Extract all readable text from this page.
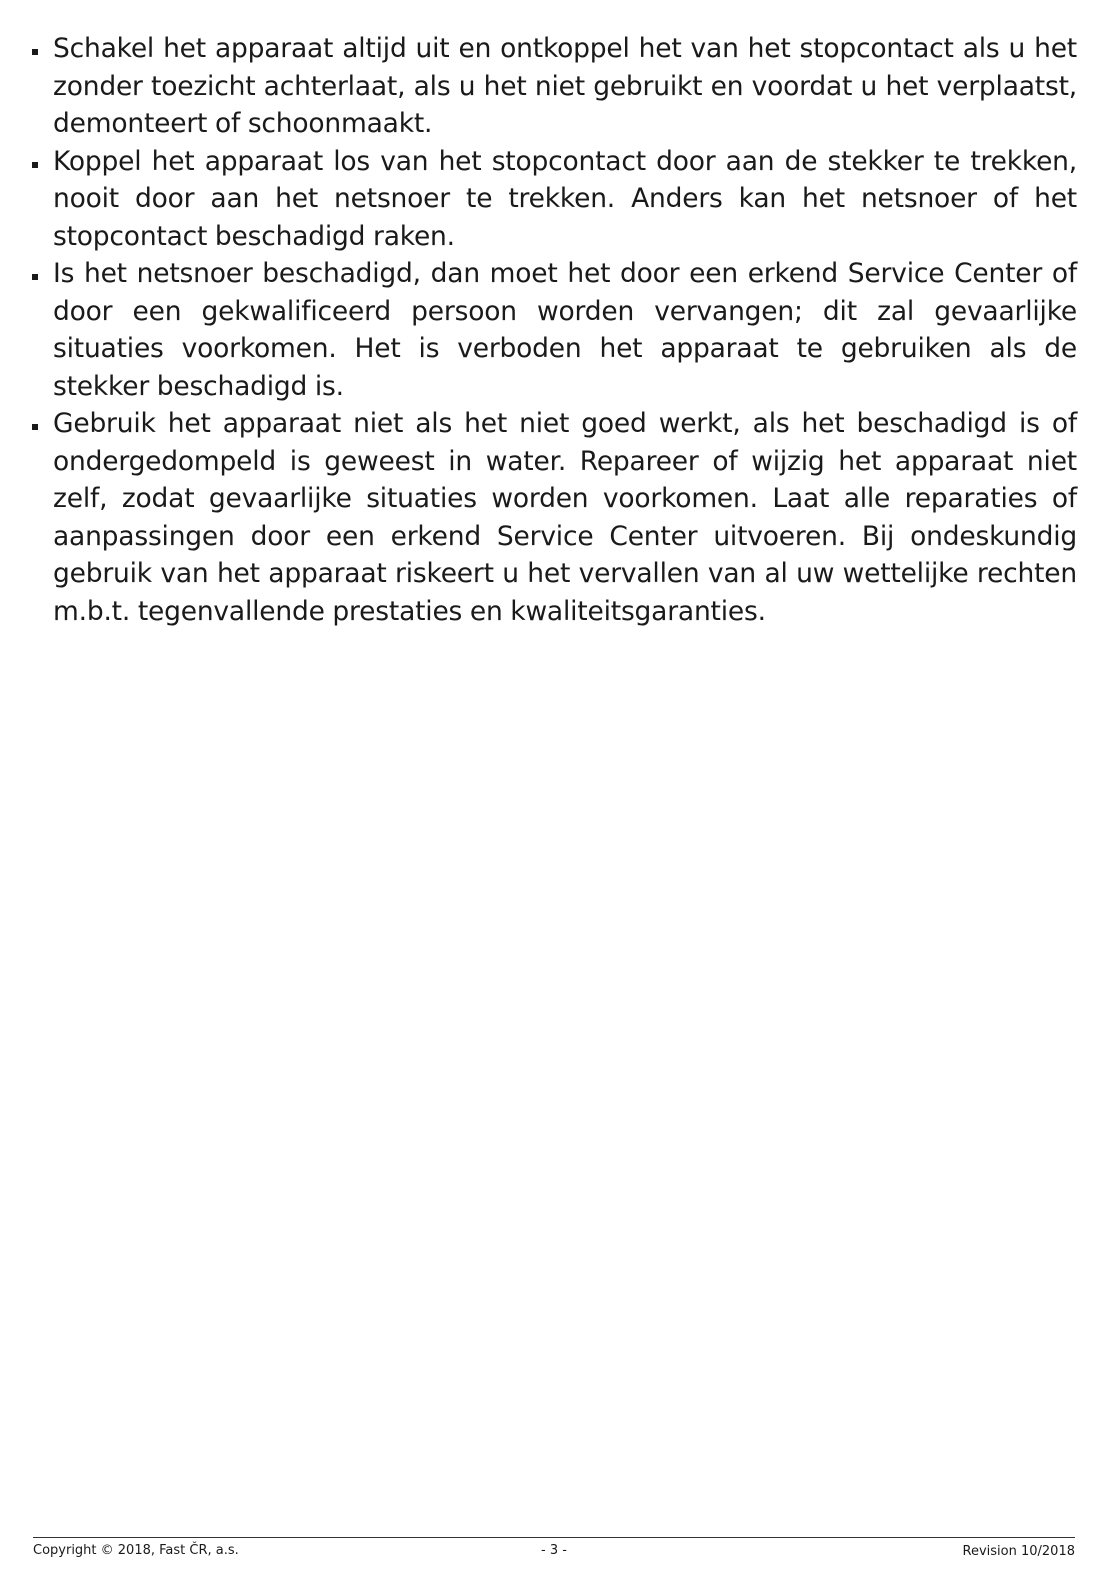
Schakel het apparaat altijd uit en ontkoppel het van het stopcontact als u het zonder toezicht achterlaat, als u het niet gebruikt en voordat u het verplaatst, demonteert of schoonmaakt.
Koppel het apparaat los van het stopcontact door aan de stekker te trekken, nooit door aan het netsnoer te trekken. Anders kan het netsnoer of het stopcontact beschadigd raken.
Is het netsnoer beschadigd, dan moet het door een erkend Service Center of door een gekwalificeerd persoon worden vervangen; dit zal gevaarlijke situaties voorkomen. Het is verboden het apparaat te gebruiken als de stekker beschadigd is.
Gebruik het apparaat niet als het niet goed werkt, als het beschadigd is of ondergedompeld is geweest in water. Repareer of wijzig het apparaat niet zelf, zodat gevaarlijke situaties worden voorkomen. Laat alle reparaties of aanpassingen door een erkend Service Center uitvoeren. Bij ondeskundig gebruik van het apparaat riskeert u het vervallen van al uw wettelijke rechten m.b.t. tegenvallende prestaties en kwaliteitsgaranties.
Copyright © 2018, Fast ČR, a.s.	- 3 -	Revision 10/2018
